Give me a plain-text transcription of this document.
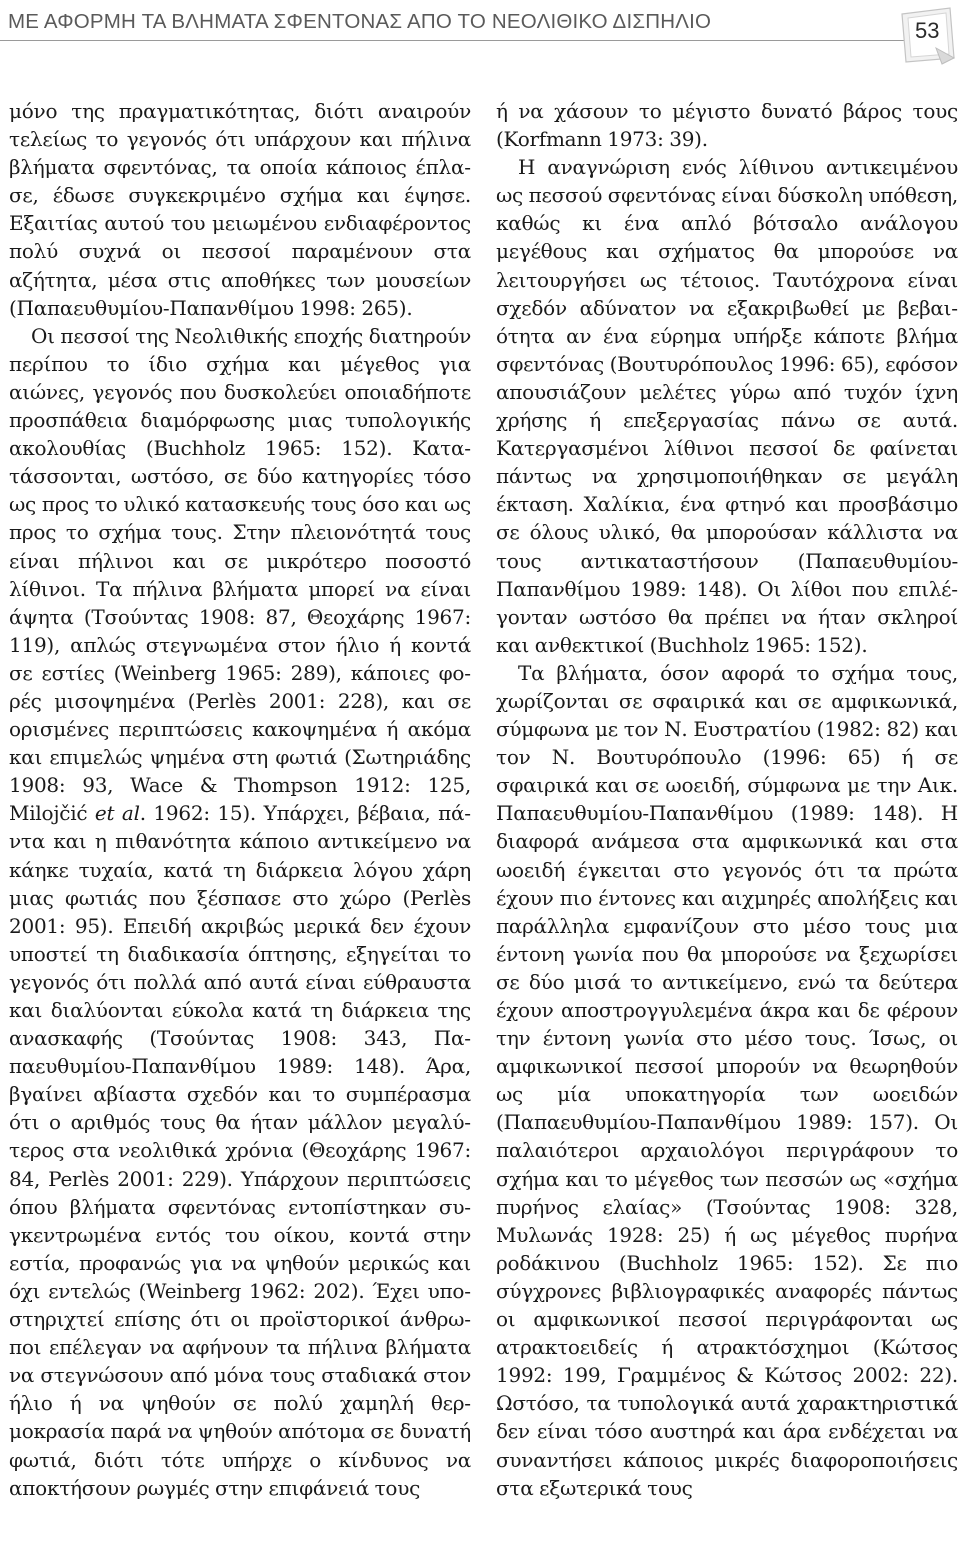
ΜΕ ΑΦΟΡΜΗ ΤΑ ΒΛΗΜΑΤΑ ΣΦΕΝΤΟΝΑΣ ΑΠΟ ΤΟ ΝΕΟΛΙΘΙΚΟ ΔΙΣΠΗΛΙΟ	53

μόνο της πραγματικότητας, διότι αναιρούν τελείως το γεγονός ότι υπάρχουν και πήλινα βλήματα σφεντόνας, τα οποία κάποιος έπλασε, έδωσε συγκεκριμένο σχήμα και έψησε. Εξαιτίας αυτού του μειωμένου ενδιαφέροντος πολύ συχνά οι πεσσοί παραμένουν στα αζήτητα, μέσα στις αποθήκες των μουσείων (Παπαευθυμίου-Παπανθίμου 1998: 265).

Οι πεσσοί της Νεολιθικής εποχής διατηρούν περίπου το ίδιο σχήμα και μέγεθος για αιώνες, γεγονός που δυσκολεύει οποιαδήποτε προσπάθεια διαμόρφωσης μιας τυπολογικής ακολουθίας (Buchholz 1965: 152). Κατατάσσονται, ωστόσο, σε δύο κατηγορίες τόσο ως προς το υλικό κατασκευής τους όσο και ως προς το σχήμα τους. Στην πλειονότητά τους είναι πήλινοι και σε μικρότερο ποσοστό λίθινοι. Τα πήλινα βλήματα μπορεί να είναι άψητα (Τσούντας 1908: 87, Θεοχάρης 1967: 119), απλώς στεγνωμένα στον ήλιο ή κοντά σε εστίες (Weinberg 1965: 289), κάποιες φορές μισοψημένα (Perlès 2001: 228), και σε ορισμένες περιπτώσεις κακοψημένα ή ακόμα και επιμελώς ψημένα στη φωτιά (Σωτηριάδης 1908: 93, Wace & Thompson 1912: 125, Milojčić et al. 1962: 15). Υπάρχει, βέβαια, πάντα και η πιθανότητα κάποιο αντικείμενο να κάηκε τυχαία, κατά τη διάρκεια λόγου χάρη μιας φωτιάς που ξέσπασε στο χώρο (Perlès 2001: 95). Επειδή ακριβώς μερικά δεν έχουν υποστεί τη διαδικασία όπτησης, εξηγείται το γεγονός ότι πολλά από αυτά είναι εύθραυστα και διαλύονται εύκολα κατά τη διάρκεια της ανασκαφής (Τσούντας 1908: 343, Παπαευθυμίου-Παπανθίμου 1989: 148). Άρα, βγαίνει αβίαστα σχεδόν και το συμπέρασμα ότι ο αριθμός τους θα ήταν μάλλον μεγαλύτερος στα νεολιθικά χρόνια (Θεοχάρης 1967: 84, Perlès 2001: 229). Υπάρχουν περιπτώσεις όπου βλήματα σφεντόνας εντοπίστηκαν συγκεντρωμένα εντός του οίκου, κοντά στην εστία, προφανώς για να ψηθούν μερικώς και όχι εντελώς (Weinberg 1962: 202). Έχει υποστηριχτεί επίσης ότι οι προϊστορικοί άνθρωποι επέλεγαν να αφήνουν τα πήλινα βλήματα να στεγνώσουν από μόνα τους σταδιακά στον ήλιο ή να ψηθούν σε πολύ χαμηλή θερμοκρασία παρά να ψηθούν απότομα σε δυνατή φωτιά, διότι τότε υπήρχε ο κίνδυνος να αποκτήσουν ρωγμές στην επιφάνειά τους

ή να χάσουν το μέγιστο δυνατό βάρος τους (Korfmann 1973: 39).

Η αναγνώριση ενός λίθινου αντικειμένου ως πεσσού σφεντόνας είναι δύσκολη υπόθεση, καθώς κι ένα απλό βότσαλο ανάλογου μεγέθους και σχήματος θα μπορούσε να λειτουργήσει ως τέτοιος. Ταυτόχρονα είναι σχεδόν αδύνατον να εξακριβωθεί με βεβαιότητα αν ένα εύρημα υπήρξε κάποτε βλήμα σφεντόνας (Βουτυρόπουλος 1996: 65), εφόσον απουσιάζουν μελέτες γύρω από τυχόν ίχνη χρήσης ή επεξεργασίας πάνω σε αυτά. Κατεργασμένοι λίθινοι πεσσοί δε φαίνεται πάντως να χρησιμοποιήθηκαν σε μεγάλη έκταση. Χαλίκια, ένα φτηνό και προσβάσιμο σε όλους υλικό, θα μπορούσαν κάλλιστα να τους αντικαταστήσουν (Παπαευθυμίου-Παπανθίμου 1989: 148). Οι λίθοι που επιλέγονταν ωστόσο θα πρέπει να ήταν σκληροί και ανθεκτικοί (Buchholz 1965: 152).

Τα βλήματα, όσον αφορά το σχήμα τους, χωρίζονται σε σφαιρικά και σε αμφικωνικά, σύμφωνα με τον Ν. Ευστρατίου (1982: 82) και τον Ν. Βουτυρόπουλο (1996: 65) ή σε σφαιρικά και σε ωοειδή, σύμφωνα με την Αικ. Παπαευθυμίου-Παπανθίμου (1989: 148). Η διαφορά ανάμεσα στα αμφικωνικά και στα ωοειδή έγκειται στο γεγονός ότι τα πρώτα έχουν πιο έντονες και αιχμηρές απολήξεις και παράλληλα εμφανίζουν στο μέσο τους μια έντονη γωνία που θα μπορούσε να ξεχωρίσει σε δύο μισά το αντικείμενο, ενώ τα δεύτερα έχουν αποστρογγυλεμένα άκρα και δε φέρουν την έντονη γωνία στο μέσο τους. Ίσως, οι αμφικωνικοί πεσσοί μπορούν να θεωρηθούν ως μία υποκατηγορία των ωοειδών (Παπαευθυμίου-Παπανθίμου 1989: 157). Οι παλαιότεροι αρχαιολόγοι περιγράφουν το σχήμα και το μέγεθος των πεσσών ως «σχήμα πυρήνος ελαίας» (Τσούντας 1908: 328, Μυλωνάς 1928: 25) ή ως μέγεθος πυρήνα ροδάκινου (Buchholz 1965: 152). Σε πιο σύγχρονες βιβλιογραφικές αναφορές πάντως οι αμφικωνικοί πεσσοί περιγράφονται ως ατρακτοειδείς ή ατρακτόσχημοι (Κώτσος 1992: 199, Γραμμένος & Κώτσος 2002: 22). Ωστόσο, τα τυπολογικά αυτά χαρακτηριστικά δεν είναι τόσο αυστηρά και άρα ενδέχεται να συναντήσει κάποιος μικρές διαφοροποιήσεις στα εξωτερικά τους
